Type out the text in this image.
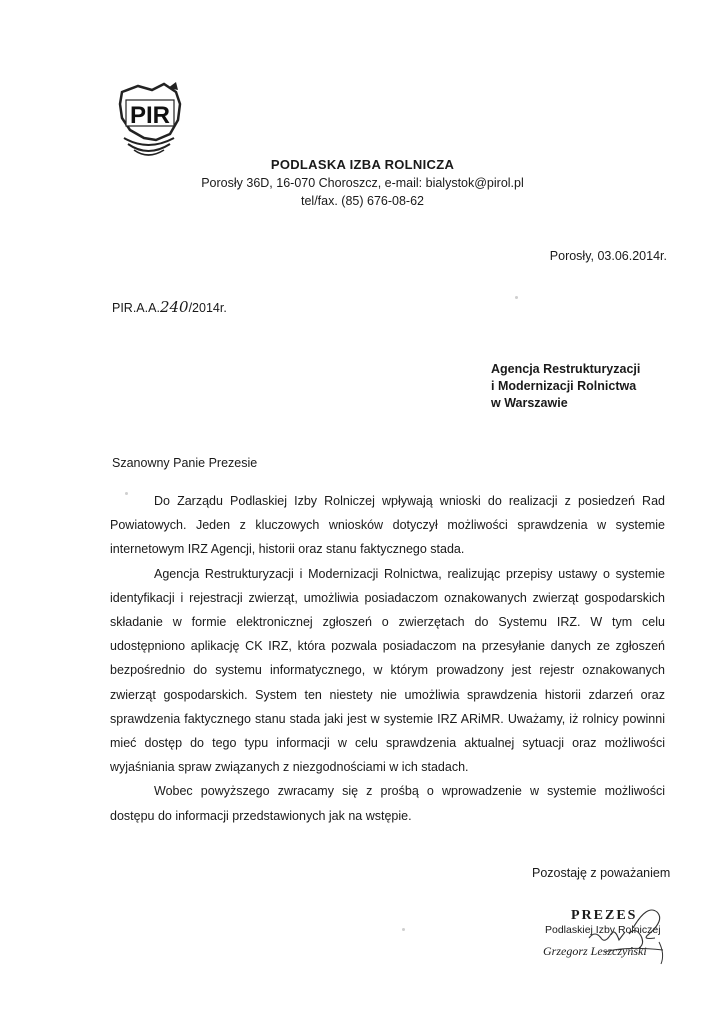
PIR
PODLASKA IZBA ROLNICZA
Porosły 36D, 16-070 Choroszcz, e-mail: bialystok@pirol.pl
tel/fax. (85) 676-08-62
Porosły, 03.06.2014r.
PIR.A.A.240/2014r.
Agencja Restrukturyzacji
i Modernizacji Rolnictwa
w Warszawie
Szanowny Panie Prezesie

Do Zarządu Podlaskiej Izby Rolniczej wpływają wnioski do realizacji z posiedzeń Rad Powiatowych. Jeden z kluczowych wniosków dotyczył możliwości sprawdzenia w systemie internetowym IRZ Agencji, historii oraz stanu faktycznego stada.

Agencja Restrukturyzacji i Modernizacji Rolnictwa, realizując przepisy ustawy o systemie identyfikacji i rejestracji zwierząt, umożliwia posiadaczom oznakowanych zwierząt gospodarskich składanie w formie elektronicznej zgłoszeń o zwierzętach do Systemu IRZ. W tym celu udostępniono aplikację CK IRZ, która pozwala posiadaczom na przesyłanie danych ze zgłoszeń bezpośrednio do systemu informatycznego, w którym prowadzony jest rejestr oznakowanych zwierząt gospodarskich. System ten niestety nie umożliwia sprawdzenia historii zdarzeń oraz sprawdzenia faktycznego stanu stada jaki jest w systemie IRZ ARiMR. Uważamy, iż rolnicy powinni mieć dostęp do tego typu informacji w celu sprawdzenia aktualnej sytuacji oraz możliwości wyjaśniania spraw związanych z niezgodnościami w ich stadach.

Wobec powyższego zwracamy się z prośbą o wprowadzenie w systemie możliwości dostępu do informacji przedstawionych jak na wstępie.

Pozostaję z poważaniem
PREZES
Podlaskiej Izby Rolniczej
Grzegorz Leszczyński
